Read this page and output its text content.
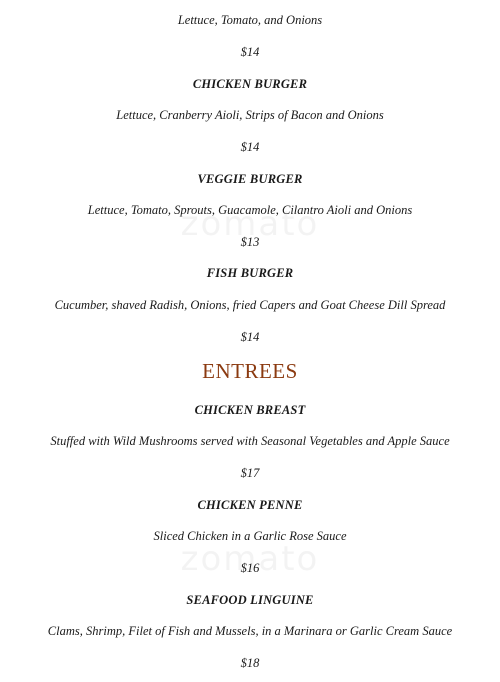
Lettuce, Tomato, and Onions
$14
CHICKEN BURGER
Lettuce, Cranberry Aioli, Strips of Bacon and Onions
$14
VEGGIE BURGER
Lettuce, Tomato, Sprouts, Guacamole, Cilantro Aioli and Onions
$13
FISH BURGER
Cucumber, shaved Radish, Onions, fried Capers and Goat Cheese Dill Spread
$14
ENTREES
CHICKEN BREAST
Stuffed with Wild Mushrooms served with Seasonal Vegetables and Apple Sauce
$17
CHICKEN PENNE
Sliced Chicken in a Garlic Rose Sauce
$16
SEAFOOD LINGUINE
Clams, Shrimp, Filet of Fish and Mussels, in a Marinara or Garlic Cream Sauce
$18
